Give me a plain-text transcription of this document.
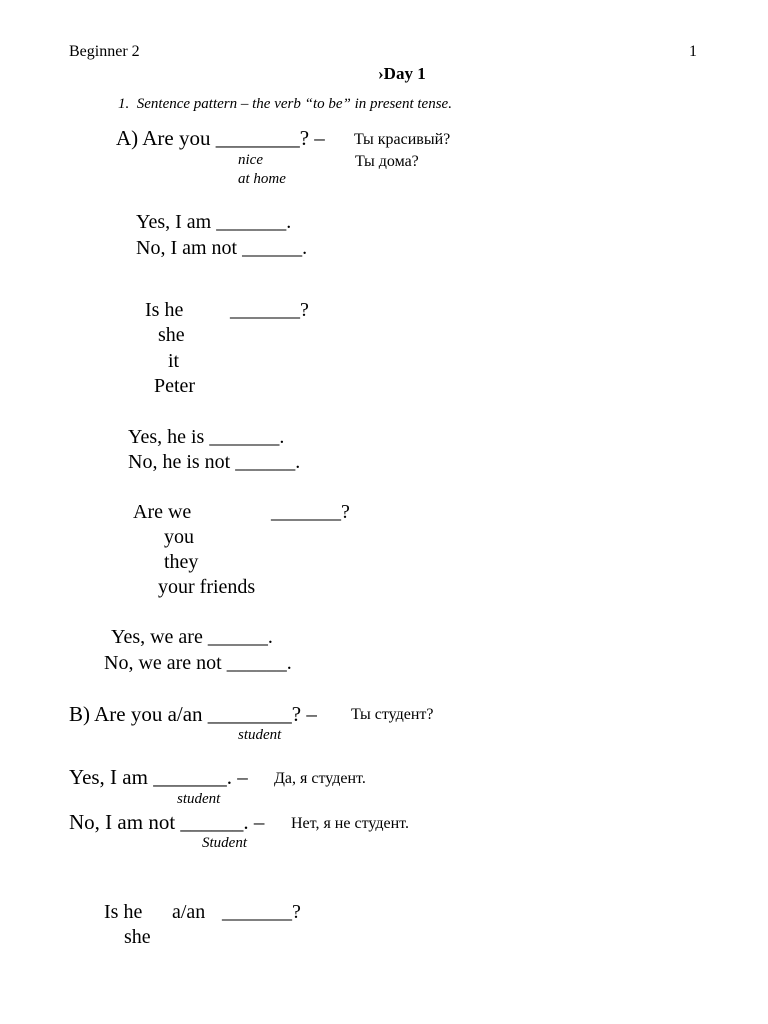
Beginner 2	1
›Day 1
1.  Sentence pattern – the verb “to be” in present tense.
A) Are you ________? – Ты красивый?
nice	Ты дома?
at home
Yes, I am _______.
No, I am not ______.
Is he _______?
she
it
Peter
Yes, he is _______.
No, he is not ______.
Are we	_______?
you
they
your friends
Yes, we are ______.
No, we are not ______.
B) Are you a/an ________? – Ты студент?
student
Yes, I am _______. – Да, я студент.
student
No, I am not ______. – Нет, я не студент.
Student
Is he a/an _______?
she
